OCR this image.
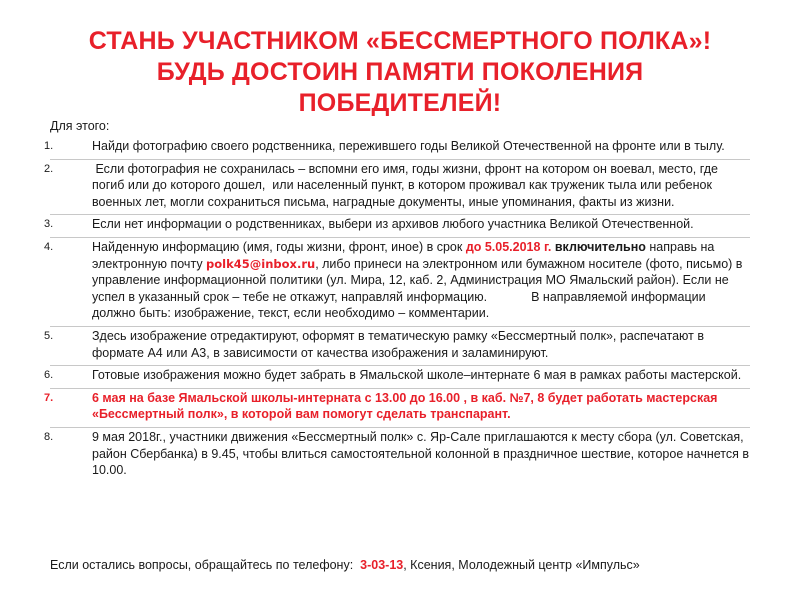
СТАНЬ УЧАСТНИКОМ «БЕССМЕРТНОГО ПОЛКА»!
БУДЬ ДОСТОИН ПАМЯТИ ПОКОЛЕНИЯ
ПОБЕДИТЕЛЕЙ!
Для этого:
1.	Найди фотографию своего родственника, пережившего годы Великой Отечественной на фронте или в тылу.
2.	Если фотография не сохранилась – вспомни его имя, годы жизни, фронт на котором он воевал, место, где погиб или до которого дошел,  или населенный пункт, в котором проживал как труженик тыла или ребенок военных лет, могли сохраниться письма, наградные документы, иные упоминания, факты из жизни.
3.	Если нет информации о родственниках, выбери из архивов любого участника Великой Отечественной.
4.	Найденную информацию (имя, годы жизни, фронт, иное) в срок до 5.05.2018 г. включительно направь на электронную почту polk45@inbox.ru, либо принеси на электронном или бумажном носителе (фото, письмо) в управление информационной политики (ул. Мира, 12, каб. 2, Администрация МО Ямальский район). Если не успел в указанный срок – тебе не откажут, направляй информацию.	В направляемой информации должно быть: изображение, текст, если необходимо – комментарии.
5.	Здесь изображение отредактируют, оформят в тематическую рамку «Бессмертный полк», распечатают в формате А4 или А3, в зависимости от качества изображения и заламинируют.
6.	Готовые изображения можно будет забрать в Ямальской школе–интернате 6 мая в рамках работы мастерской.
7.	6 мая на базе Ямальской школы-интерната с 13.00 до 16.00 , в каб. №7, 8 будет работать мастерская «Бессмертный полк», в которой вам помогут сделать транспарант.
8.	9 мая 2018г., участники движения «Бессмертный полк» с. Яр-Сале приглашаются к месту сбора (ул. Советская, район Сбербанка) в 9.45, чтобы влиться самостоятельной колонной в праздничное шествие, которое начнется в 10.00.
Если остались вопросы, обращайтесь по телефону:  3-03-13, Ксения, Молодежный центр «Импульс»
